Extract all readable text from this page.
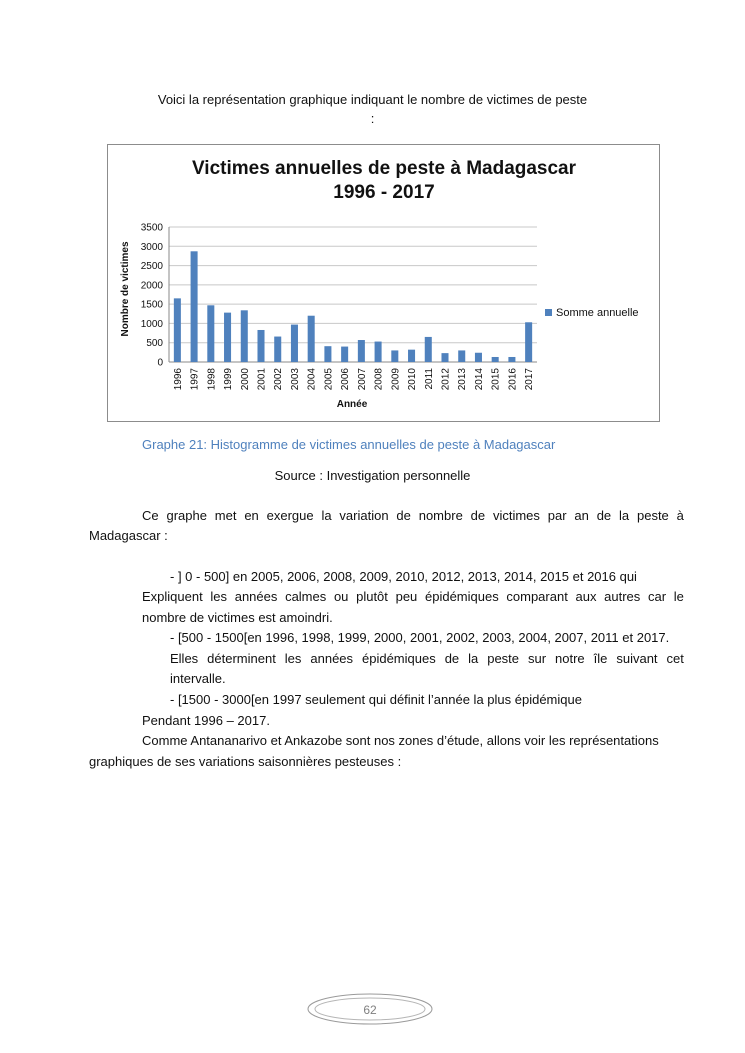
Voici la représentation graphique indiquant le nombre de victimes de peste
:
Victimes annuelles de peste à Madagascar
1996 - 2017
0
500
1000
1500
2000
2500
3000
3500
1996 1997 1998 1999 2000 2001 2002 2003 2004 2005 2006 2007 2008 2009 2010 2011 2012 2013 2014 2015 2016 2017
Nombre de victimes
Année
Somme annuelle
Graphe 21: Histogramme de victimes annuelles de peste à Madagascar
Source : Investigation personnelle
Ce graphe met en exergue la variation de nombre de victimes par an de la peste à
Madagascar :
- ] 0 - 500] en 2005, 2006, 2008, 2009, 2010, 2012, 2013, 2014, 2015 et 2016 qui
Expliquent les années calmes ou plutôt peu épidémiques comparant aux autres car le
nombre de victimes est amoindri.
- [500 - 1500[en 1996, 1998, 1999, 2000, 2001, 2002, 2003, 2004, 2007, 2011 et 2017.
Elles déterminent les années épidémiques de la peste sur notre île suivant cet
intervalle.
- [1500 - 3000[en 1997 seulement qui définit l’année la plus épidémique
Pendant 1996 – 2017.
Comme Antananarivo et Ankazobe sont nos zones d’étude, allons voir les représentations
graphiques de ses variations saisonnières pesteuses :
62
